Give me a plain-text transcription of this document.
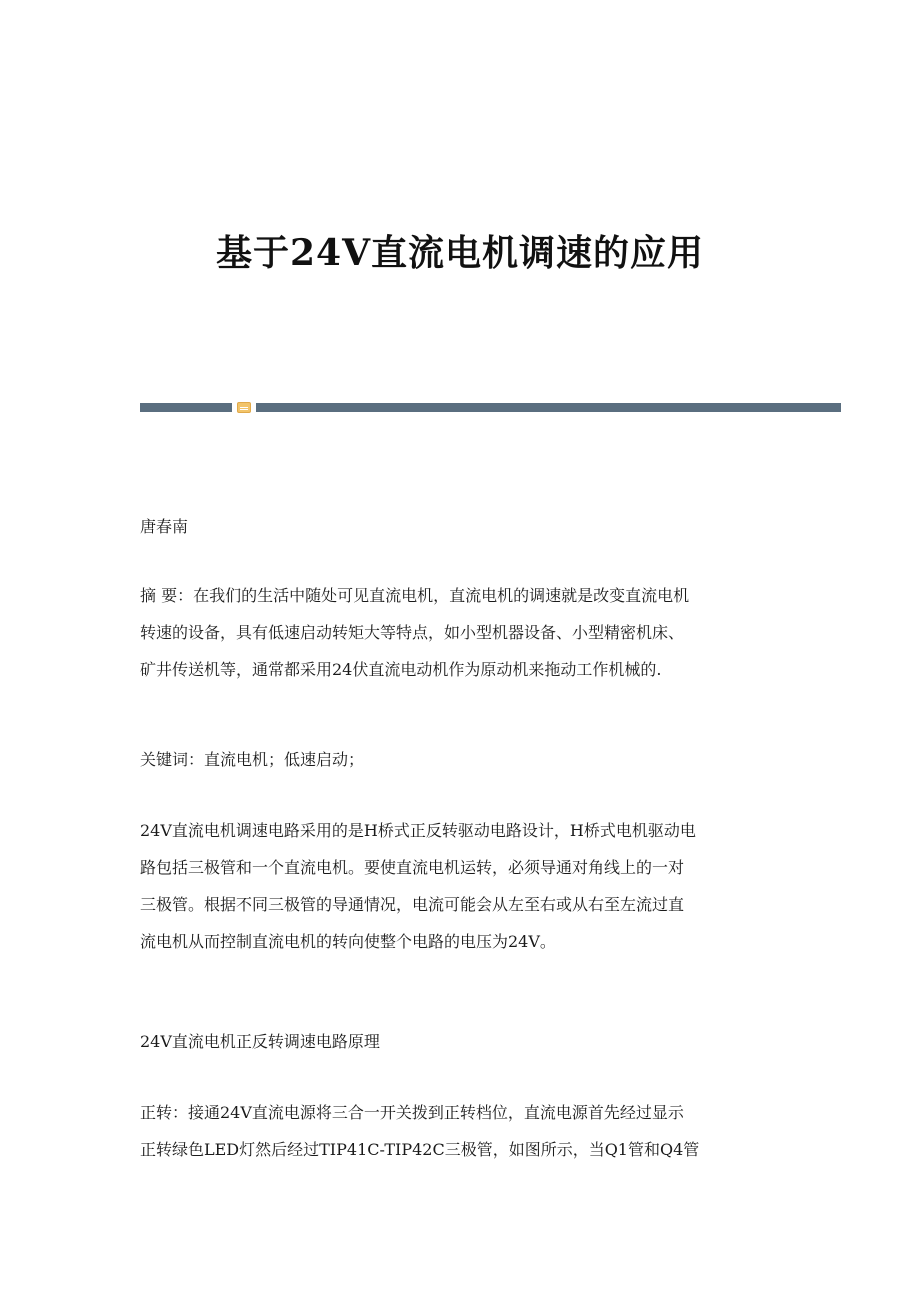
基于24V直流电机调速的应用
唐春南
摘 要：在我们的生活中随处可见直流电机，直流电机的调速就是改变直流电机
转速的设备，具有低速启动转矩大等特点，如小型机器设备、小型精密机床、
矿井传送机等，通常都采用24伏直流电动机作为原动机来拖动工作机械的.
关键词：直流电机；低速启动；
24V直流电机调速电路采用的是H桥式正反转驱动电路设计，H桥式电机驱动电
路包括三极管和一个直流电机。要使直流电机运转，必须导通对角线上的一对
三极管。根据不同三极管的导通情况，电流可能会从左至右或从右至左流过直
流电机从而控制直流电机的转向使整个电路的电压为24V。
24V直流电机正反转调速电路原理
正转：接通24V直流电源将三合一开关拨到正转档位，直流电源首先经过显示
正转绿色LED灯然后经过TIP41C-TIP42C三极管，如图所示，当Q1管和Q4管
